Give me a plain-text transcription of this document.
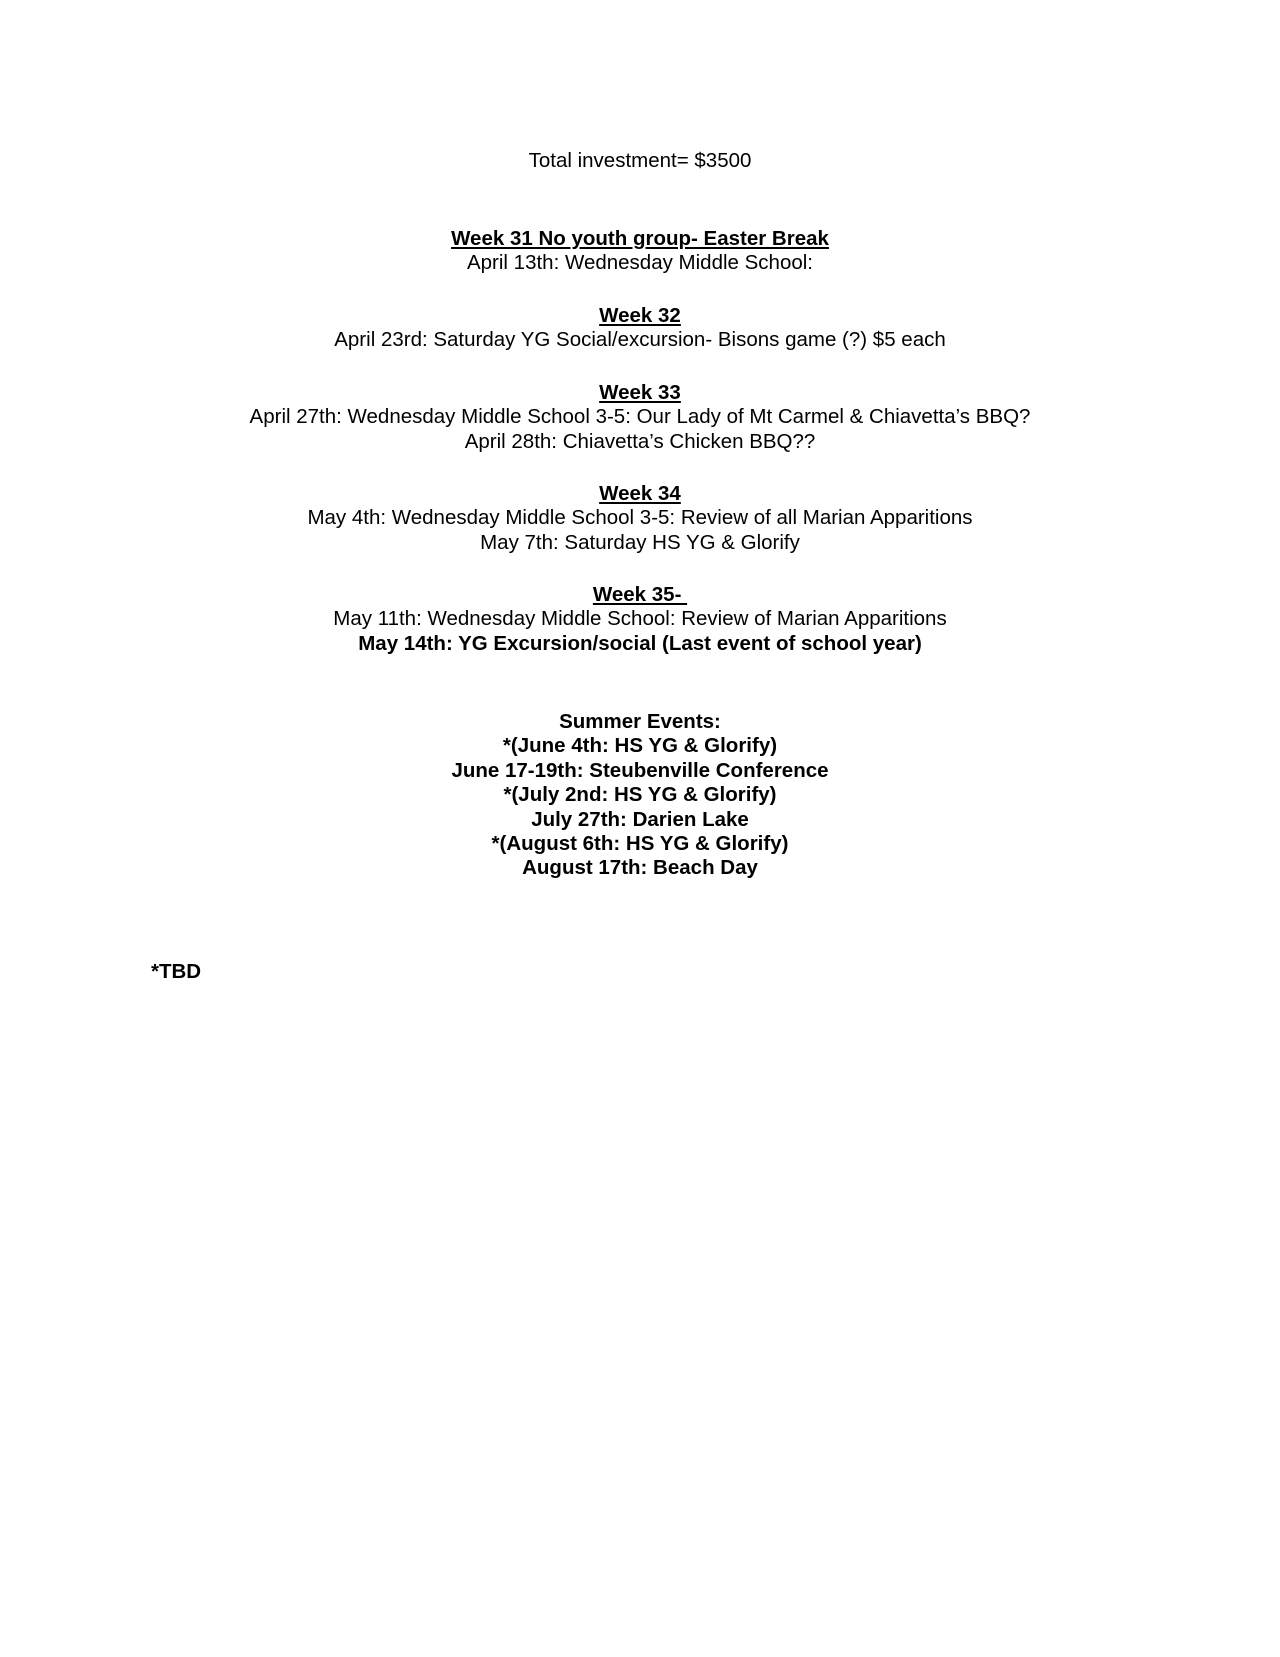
Total investment= $3500
Week 31 No youth group- Easter Break
April 13th: Wednesday Middle School:
Week 32
April 23rd: Saturday YG Social/excursion- Bisons game (?) $5 each
Week 33
April 27th: Wednesday Middle School 3-5: Our Lady of Mt Carmel & Chiavetta’s BBQ?
April 28th: Chiavetta’s Chicken BBQ??
Week 34
May 4th: Wednesday Middle School 3-5: Review of all Marian Apparitions
May 7th: Saturday HS YG & Glorify
Week 35-
May 11th: Wednesday Middle School: Review of Marian Apparitions
May 14th: YG Excursion/social (Last event of school year)
Summer Events:
*(June 4th: HS YG & Glorify)
June 17-19th: Steubenville Conference
*(July 2nd: HS YG & Glorify)
July 27th: Darien Lake
*(August 6th: HS YG & Glorify)
August 17th: Beach Day
*TBD
